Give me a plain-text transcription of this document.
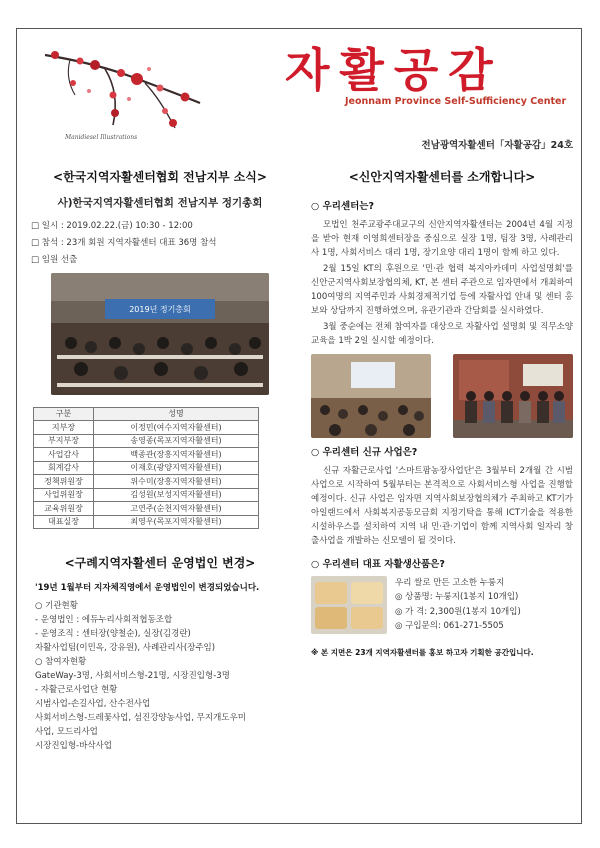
Manidiesel Illustrations
자활공감
Jeonnam Province Self-Sufficiency Center
전남광역자활센터「자활공감」24호
<한국지역자활센터협회 전남지부 소식>
사)한국지역자활센터협회 전남지부 정기총회
□ 일시 : 2019.02.22.(금) 10:30 - 12:00
□ 참석 : 23개 회원 지역자활센터 대표 36명 참석
□ 임원 선출
2019년 정기총회
구분	성명
지부장	이정민(여수지역자활센터)
부지부장	송영종(목포지역자활센터)
사업감사	백종관(장흥지역자활센터)
회계감사	이재호(광양지역자활센터)
정책위원장	위수미(장흥지역자활센터)
사업위원장	김성원(보성지역자활센터)
교육위원장	고연주(순천지역자활센터)
대표실장	최영우(목포지역자활센터)
<구례지역자활센터 운영법인 변경>
'19년 1월부터 지자체직영에서 운영법인이 변경되었습니다.
○ 기관현황
- 운영법인 : 에듀누리사회적협동조합
- 운영조직 : 센터장(양철순), 실장(김경란)
자활사업팀(이민옥, 강유원), 사례관리사(장주임)
○ 참여자현황
GateWay-3명, 사회서비스형-21명, 시장진입형-3명
- 자활근로사업단 현황
시범사업-손길사업, 산수전사업
사회서비스형-드레꽃사업, 섬진강양농사업, 무지개도우미
사업, 모드리사업
시장진입형-바삭사업
<신안지역자활센터를 소개합니다>
○ 우리센터는?

모법인 천주교광주대교구의 신안지역자활센터는 2004년 4월 지정을 받아 현재 이영희센터장을 중심으로 실장 1명, 팀장 3명, 사례관리사 1명, 사회서비스 대리 1명, 장기요양 대리 1명이 함께 하고 있다.

2월 15일 KT의 후원으로 '민·관 협력 복지아카데미 사업설명회'를 신안군지역사회보장협의체, KT, 본 센터 주관으로 임자면에서 개최하여 100여명의 지역주민과 사회경제적기업 등에 자활사업 안내 및 센터 홍보와 상담까지 진행하였으며, 유관기관과 간담회를 실시하였다.

3월 중순에는 전체 참여자를 대상으로 자활사업 설명회 및 직무소양교육을 1박 2일 실시할 예정이다.

○ 우리센터 신규 사업은?

신규 자활근로사업 '스마트팜농장사업단'은 3월부터 2개월 간 시범사업으로 시작하여 5월부터는 본격적으로 사회서비스형 사업을 진행할 예정이다. 신규 사업은 임자면 지역사회보장협의체가 주최하고 KT기가아일랜드에서 사회복지공동모금회 지정기탁을 통해 ICT기술을 적용한 시설하우스를 설치하여 지역 내 민·관·기업이 함께 지역사회 일자리 창출사업을 개발하는 신모델이 될 것이다.

○ 우리센터 대표 자활생산품은?
우리 쌀로 만든 고소한 누룽지
◎ 상품명: 누룽지(1봉지 10개입)
◎ 가 격: 2,300원(1봉지 10개입)
◎ 구입문의: 061-271-5505
※ 본 지면은 23개 지역자활센터를 홍보 하고자 기획한 공간입니다.
